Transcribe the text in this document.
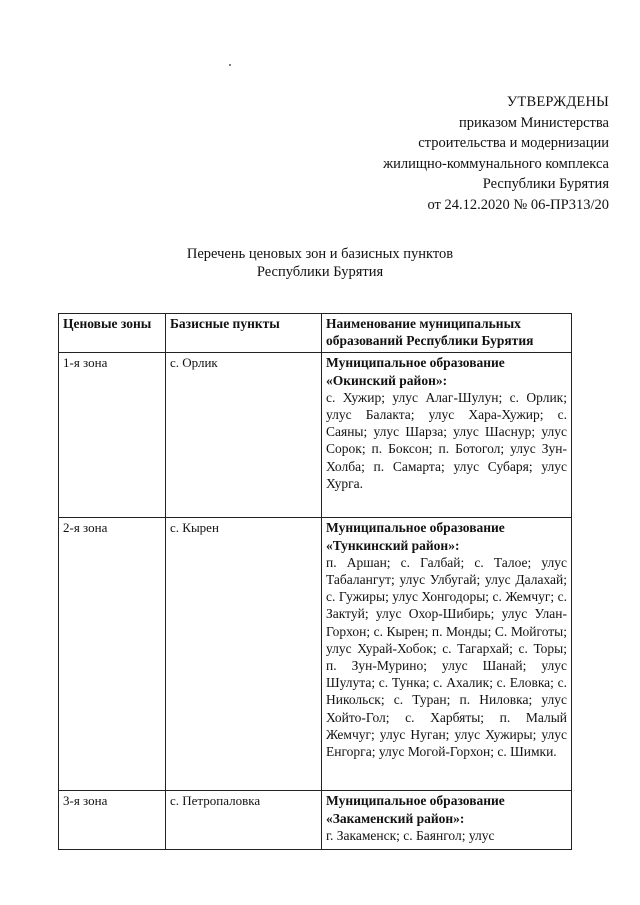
УТВЕРЖДЕНЫ
приказом Министерства
строительства и модернизации
жилищно-коммунального комплекса
Республики Бурятия
от 24.12.2020 № 06-ПР313/20
Перечень ценовых зон и базисных пунктов
Республики Бурятия
Ценовые зоны	Базисные пункты	Наименование муниципальных образований Республики Бурятия
1-я зона	с. Орлик	Муниципальное образование «Окинский район»:
с. Хужир; улус Алаг-Шулун; с. Орлик; улус Балакта; улус Хара-Хужир; с. Саяны; улус Шарза; улус Шаснур; улус Сорок; п. Боксон; п. Ботогол; улус Зун-Холба; п. Самарта; улус Субаря; улус Хурга.

2-я зона	с. Кырен	Муниципальное образование «Тункинский район»:
п. Аршан; с. Галбай; с. Талое; улус Табалангут; улус Улбугай; улус Далахай; с. Гужиры; улус Хонгодоры; с. Жемчуг; с. Зактуй; улус Охор-Шибирь; улус Улан-Горхон; с. Кырен; п. Монды; С. Мойготы; улус Хурай-Хобок; с. Тагархай; с. Торы; п. Зун-Мурино; улус Шанай; улус Шулута; с. Тунка; с. Ахалик; с. Еловка; с. Никольск; с. Туран; п. Ниловка; улус Хойто-Гол; с. Харбяты; п. Малый Жемчуг; улус Нуган; улус Хужиры; улус Енгорга; улус Могой-Горхон; с. Шимки.

3-я зона	с. Петропаловка	Муниципальное образование «Закаменский район»:
г. Закаменск; с. Баянгол; улус
